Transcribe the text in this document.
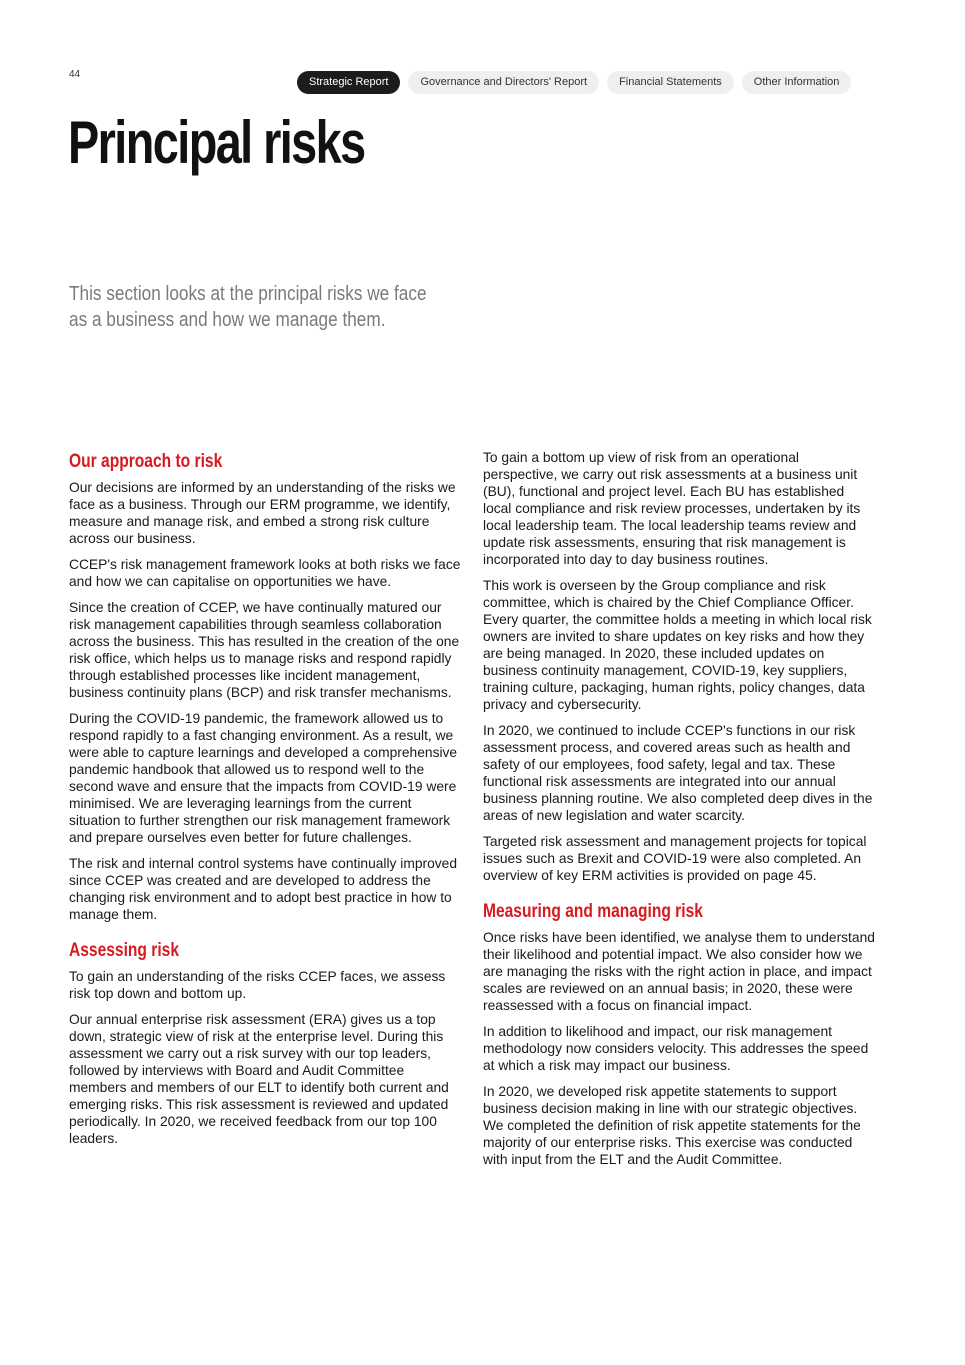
44
Strategic Report	Governance and Directors' Report	Financial Statements	Other Information
Principal risks

This section looks at the principal risks we face as a business and how we manage them.

Our approach to risk

Our decisions are informed by an understanding of the risks we face as a business. Through our ERM programme, we identify, measure and manage risk, and embed a strong risk culture across our business.

CCEP's risk management framework looks at both risks we face and how we can capitalise on opportunities we have.

Since the creation of CCEP, we have continually matured our risk management capabilities through seamless collaboration across the business. This has resulted in the creation of the one risk office, which helps us to manage risks and respond rapidly through established processes like incident management, business continuity plans (BCP) and risk transfer mechanisms.

During the COVID-19 pandemic, the framework allowed us to respond rapidly to a fast changing environment. As a result, we were able to capture learnings and developed a comprehensive pandemic handbook that allowed us to respond well to the second wave and ensure that the impacts from COVID-19 were minimised. We are leveraging learnings from the current situation to further strengthen our risk management framework and prepare ourselves even better for future challenges.

The risk and internal control systems have continually improved since CCEP was created and are developed to address the changing risk environment and to adopt best practice in how to manage them.

Assessing risk

To gain an understanding of the risks CCEP faces, we assess risk top down and bottom up.

Our annual enterprise risk assessment (ERA) gives us a top down, strategic view of risk at the enterprise level. During this assessment we carry out a risk survey with our top leaders, followed by interviews with Board and Audit Committee members and members of our ELT to identify both current and emerging risks. This risk assessment is reviewed and updated periodically. In 2020, we received feedback from our top 100 leaders.

To gain a bottom up view of risk from an operational perspective, we carry out risk assessments at a business unit (BU), functional and project level. Each BU has established local compliance and risk review processes, undertaken by its local leadership team. The local leadership teams review and update risk assessments, ensuring that risk management is incorporated into day to day business routines.

This work is overseen by the Group compliance and risk committee, which is chaired by the Chief Compliance Officer. Every quarter, the committee holds a meeting in which local risk owners are invited to share updates on key risks and how they are being managed. In 2020, these included updates on business continuity management, COVID-19, key suppliers, training culture, packaging, human rights, policy changes, data privacy and cybersecurity.

In 2020, we continued to include CCEP's functions in our risk assessment process, and covered areas such as health and safety of our employees, food safety, legal and tax. These functional risk assessments are integrated into our annual business planning routine. We also completed deep dives in the areas of new legislation and water scarcity.

Targeted risk assessment and management projects for topical issues such as Brexit and COVID-19 were also completed. An overview of key ERM activities is provided on page 45.

Measuring and managing risk

Once risks have been identified, we analyse them to understand their likelihood and potential impact. We also consider how we are managing the risks with the right action in place, and impact scales are reviewed on an annual basis; in 2020, these were reassessed with a focus on financial impact.

In addition to likelihood and impact, our risk management methodology now considers velocity. This addresses the speed at which a risk may impact our business.

In 2020, we developed risk appetite statements to support business decision making in line with our strategic objectives. We completed the definition of risk appetite statements for the majority of our enterprise risks. This exercise was conducted with input from the ELT and the Audit Committee.
